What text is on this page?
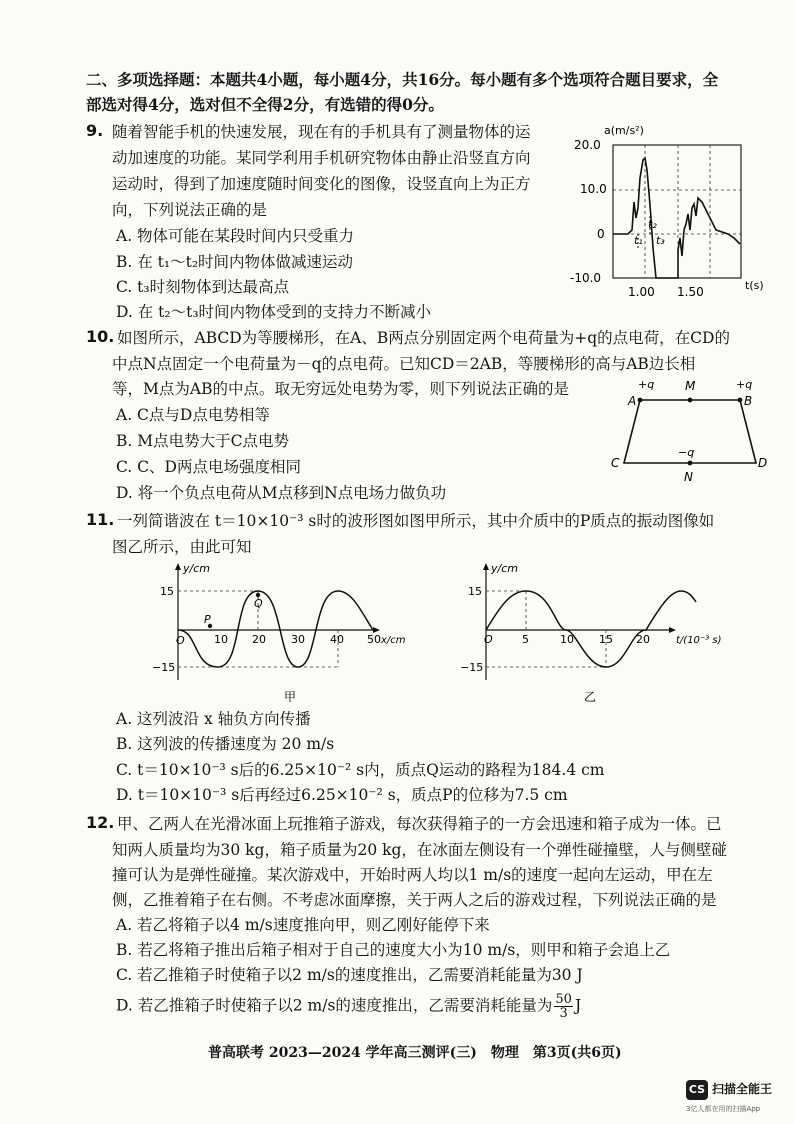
二、多项选择题：本题共4小题，每小题4分，共16分。每小题有多个选项符合题目要求，全
部选对得4分，选对但不全得2分，有选错的得0分。
9. 随着智能手机的快速发展，现在有的手机具有了测量物体的运
动加速度的功能。某同学利用手机研究物体由静止沿竖直方向
运动时，得到了加速度随时间变化的图像，设竖直向上为正方
向，下列说法正确的是
A. 物体可能在某段时间内只受重力
B. 在 t₁～t₂时间内物体做减速运动
C. t₃时刻物体到达最高点
D. 在 t₂～t₃时间内物体受到的支持力不断减小
a(m/s²)
20.0
10.0
0
-10.0
1.00 1.50	t(s)
t₁
t₂
t₃
10. 如图所示，ABCD为等腰梯形，在A、B两点分别固定两个电荷量为+q的点电荷，在CD的
中点N点固定一个电荷量为－q的点电荷。已知CD＝2AB，等腰梯形的高与AB边长相
等，M点为AB的中点。取无穷远处电势为零，则下列说法正确的是
A. C点与D点电势相等
B. M点电势大于C点电势
C. C、D两点电场强度相同
D. 将一个负点电荷从M点移到N点电场力做负功
+q	+q
M
A	B
C	D
−q
N
11. 一列简谐波在 t＝10×10⁻³ s时的波形图如图甲所示，其中介质中的P质点的振动图像如
图乙所示，由此可知
y/cm
15
−15
O
P
Q
10 20 30 40 50 x/cm
甲
y/cm
15
−15
O	5	10 15 20	t/(10⁻³ s)
乙
A. 这列波沿 x 轴负方向传播
B. 这列波的传播速度为 20 m/s
C. t＝10×10⁻³ s后的6.25×10⁻² s内，质点Q运动的路程为184.4 cm
D. t＝10×10⁻³ s后再经过6.25×10⁻² s，质点P的位移为7.5 cm
12. 甲、乙两人在光滑冰面上玩推箱子游戏，每次获得箱子的一方会迅速和箱子成为一体。已
知两人质量均为30 kg，箱子质量为20 kg，在冰面左侧设有一个弹性碰撞壁，人与侧壁碰
撞可认为是弹性碰撞。某次游戏中，开始时两人均以1 m/s的速度一起向左运动，甲在左
侧，乙推着箱子在右侧。不考虑冰面摩擦，关于两人之后的游戏过程，下列说法正确的是
A. 若乙将箱子以4 m/s速度推向甲，则乙刚好能停下来
B. 若乙将箱子推出后箱子相对于自己的速度大小为10 m/s，则甲和箱子会追上乙
C. 若乙推箱子时使箱子以2 m/s的速度推出，乙需要消耗能量为30 J
D. 若乙推箱子时使箱子以2 m/s的速度推出，乙需要消耗能量为 $\frac{50}{3}$ J
普高联考 2023—2024 学年高三测评(三)　物理　第3页(共6页)
CS 扫描全能王
3亿人都在用的扫描App
